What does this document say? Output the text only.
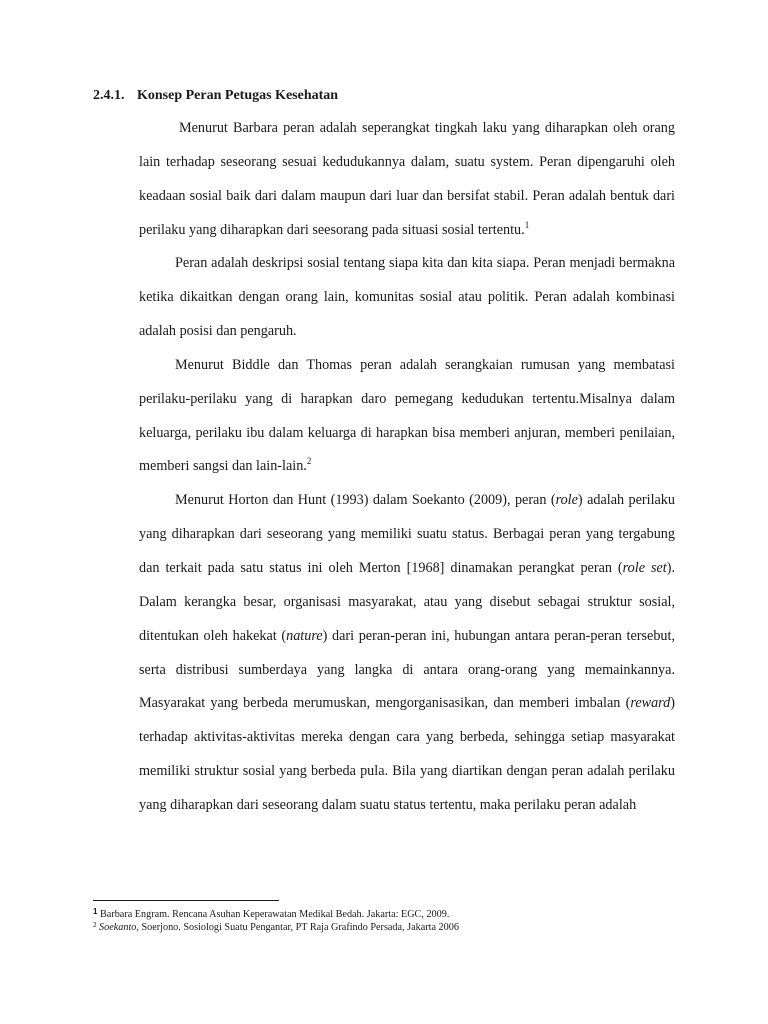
2.4.1. Konsep Peran Petugas Kesehatan

Menurut Barbara peran adalah seperangkat tingkah laku yang diharapkan oleh orang lain terhadap seseorang sesuai kedudukannya dalam, suatu system. Peran dipengaruhi oleh keadaan sosial baik dari dalam maupun dari luar dan bersifat stabil. Peran adalah bentuk dari perilaku yang diharapkan dari seesorang pada situasi sosial tertentu.$^1$

Peran adalah deskripsi sosial tentang siapa kita dan kita siapa. Peran menjadi bermakna ketika dikaitkan dengan orang lain, komunitas sosial atau politik. Peran adalah kombinasi adalah posisi dan pengaruh.

Menurut Biddle dan Thomas peran adalah serangkaian rumusan yang membatasi perilaku-perilaku yang di harapkan daro pemegang kedudukan tertentu.Misalnya dalam keluarga, perilaku ibu dalam keluarga di harapkan bisa memberi anjuran, memberi penilaian, memberi sangsi dan lain-lain.$^2$

Menurut Horton dan Hunt (1993) dalam Soekanto (2009), peran (role) adalah perilaku yang diharapkan dari seseorang yang memiliki suatu status. Berbagai peran yang tergabung dan terkait pada satu status ini oleh Merton [1968] dinamakan perangkat peran (role set). Dalam kerangka besar, organisasi masyarakat, atau yang disebut sebagai struktur sosial, ditentukan oleh hakekat (nature) dari peran-peran ini, hubungan antara peran-peran tersebut, serta distribusi sumberdaya yang langka di antara orang-orang yang memainkannya. Masyarakat yang berbeda merumuskan, mengorganisasikan, dan memberi imbalan (reward) terhadap aktivitas-aktivitas mereka dengan cara yang berbeda, sehingga setiap masyarakat memiliki struktur sosial yang berbeda pula. Bila yang diartikan dengan peran adalah perilaku yang diharapkan dari seseorang dalam suatu status tertentu, maka perilaku peran adalah

$^1$ Barbara Engram. Rencana Asuhan Keperawatan Medikal Bedah. Jakarta: EGC, 2009.
$^2$ Soekanto, Soerjono. Sosiologi Suatu Pengantar, PT Raja Grafindo Persada, Jakarta 2006
